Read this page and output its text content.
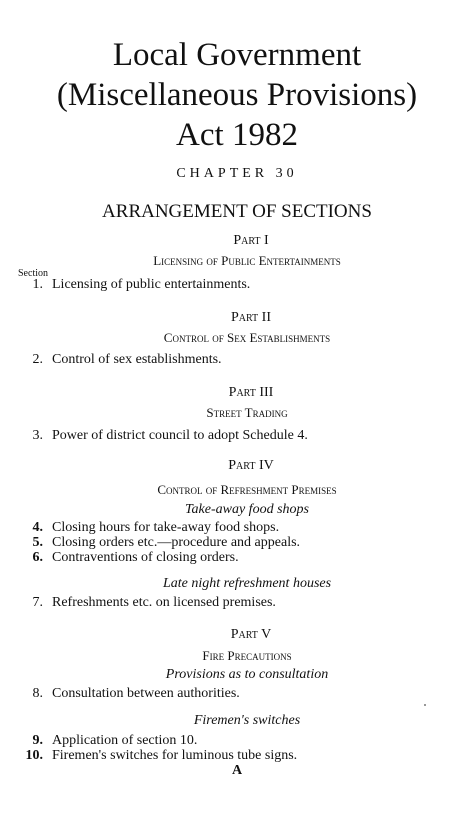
Local Government
(Miscellaneous Provisions)
Act 1982
CHAPTER 30
ARRANGEMENT OF SECTIONS
Part I
Licensing of Public Entertainments
Section
1. Licensing of public entertainments.
Part II
Control of Sex Establishments
2. Control of sex establishments.
Part III
Street Trading
3. Power of district council to adopt Schedule 4.
Part IV
Control of Refreshment Premises
Take-away food shops
4. Closing hours for take-away food shops.
5. Closing orders etc.—procedure and appeals.
6. Contraventions of closing orders.
Late night refreshment houses
7. Refreshments etc. on licensed premises.
Part V
Fire Precautions
Provisions as to consultation
8. Consultation between authorities.
Firemen's switches
9. Application of section 10.
10. Firemen's switches for luminous tube signs.
A
